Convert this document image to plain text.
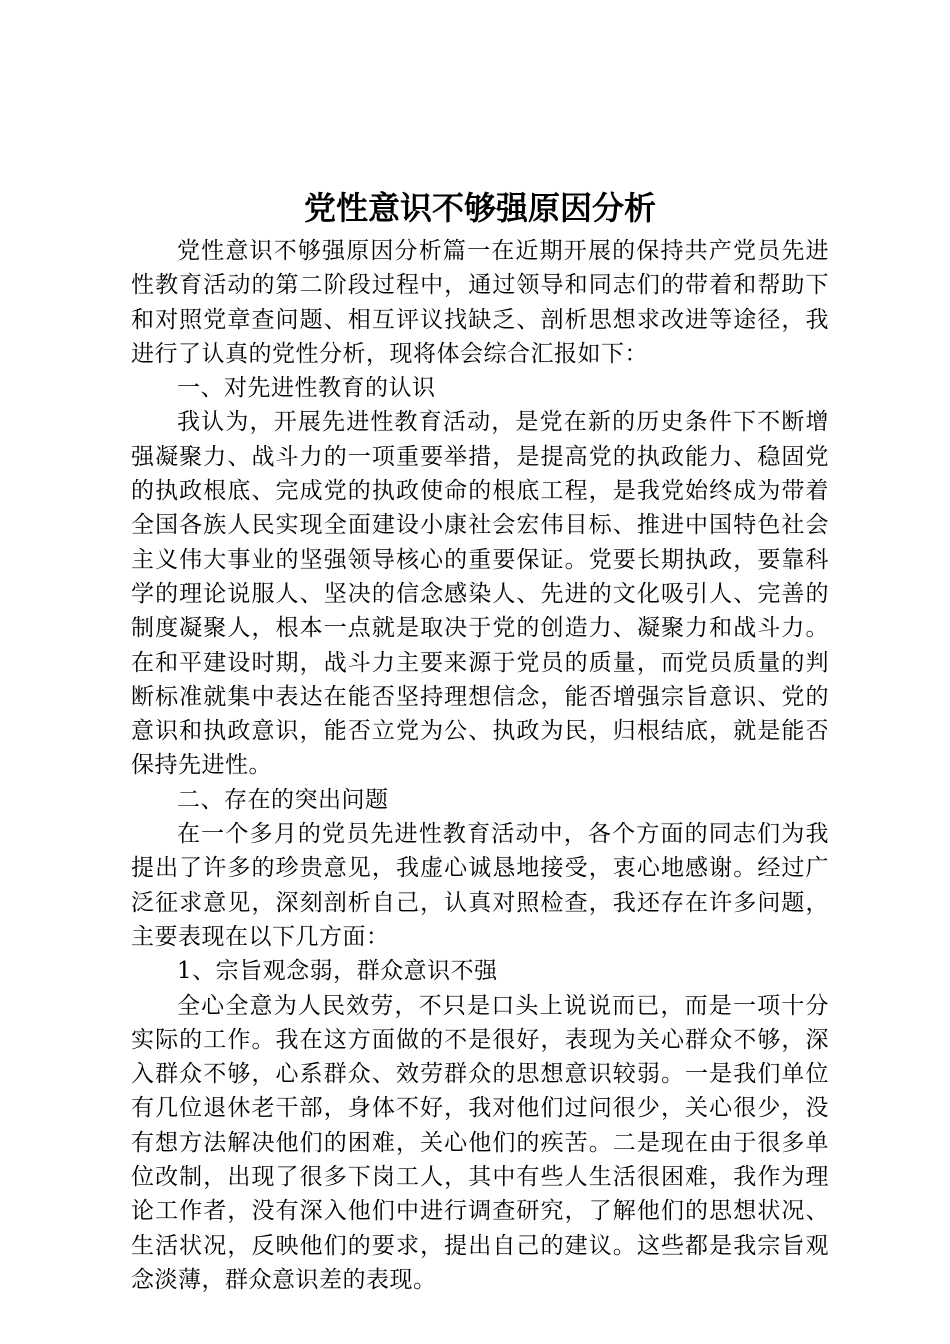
党性意识不够强原因分析

党性意识不够强原因分析篇一在近期开展的保持共产党员先进性教育活动的第二阶段过程中，通过领导和同志们的带着和帮助下和对照党章查问题、相互评议找缺乏、剖析思想求改进等途径，我进行了认真的党性分析，现将体会综合汇报如下：

一、对先进性教育的认识

我认为，开展先进性教育活动，是党在新的历史条件下不断增强凝聚力、战斗力的一项重要举措，是提高党的执政能力、稳固党的执政根底、完成党的执政使命的根底工程，是我党始终成为带着全国各族人民实现全面建设小康社会宏伟目标、推进中国特色社会主义伟大事业的坚强领导核心的重要保证。党要长期执政，要靠科学的理论说服人、坚决的信念感染人、先进的文化吸引人、完善的制度凝聚人，根本一点就是取决于党的创造力、凝聚力和战斗力。在和平建设时期，战斗力主要来源于党员的质量，而党员质量的判断标准就集中表达在能否坚持理想信念，能否增强宗旨意识、党的意识和执政意识，能否立党为公、执政为民，归根结底，就是能否保持先进性。

二、存在的突出问题

在一个多月的党员先进性教育活动中，各个方面的同志们为我提出了许多的珍贵意见，我虚心诚恳地接受，衷心地感谢。经过广泛征求意见，深刻剖析自己，认真对照检查，我还存在许多问题，主要表现在以下几方面：

1、宗旨观念弱，群众意识不强

全心全意为人民效劳，不只是口头上说说而已，而是一项十分实际的工作。我在这方面做的不是很好，表现为关心群众不够，深入群众不够，心系群众、效劳群众的思想意识较弱。一是我们单位有几位退休老干部，身体不好，我对他们过问很少，关心很少，没有想方法解决他们的困难，关心他们的疾苦。二是现在由于很多单位改制，出现了很多下岗工人，其中有些人生活很困难，我作为理论工作者，没有深入他们中进行调查研究，了解他们的思想状况、生活状况，反映他们的要求，提出自己的建议。这些都是我宗旨观念淡薄，群众意识差的表现。
